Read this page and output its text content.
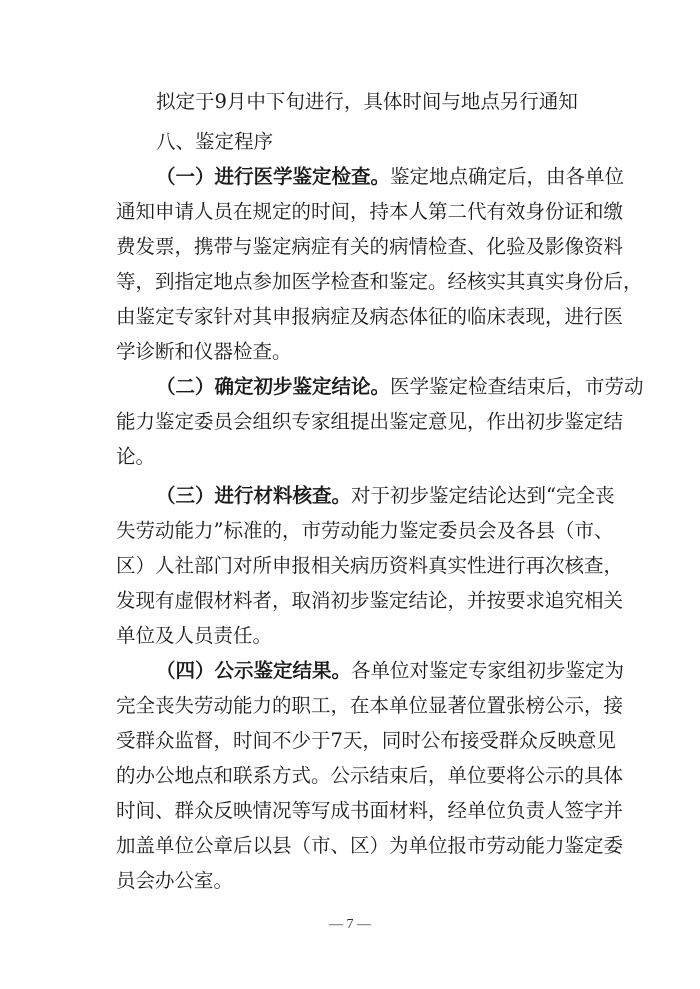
拟定于9月中下旬进行，具体时间与地点另行通知
八、鉴定程序
（一）进行医学鉴定检查。鉴定地点确定后，由各单位
通知申请人员在规定的时间，持本人第二代有效身份证和缴
费发票，携带与鉴定病症有关的病情检查、化验及影像资料
等，到指定地点参加医学检查和鉴定。经核实其真实身份后，
由鉴定专家针对其申报病症及病态体征的临床表现，进行医
学诊断和仪器检查。
（二）确定初步鉴定结论。医学鉴定检查结束后，市劳动
能力鉴定委员会组织专家组提出鉴定意见，作出初步鉴定结
论。
（三）进行材料核查。对于初步鉴定结论达到“完全丧
失劳动能力”标准的，市劳动能力鉴定委员会及各县（市、
区）人社部门对所申报相关病历资料真实性进行再次核查，
发现有虚假材料者，取消初步鉴定结论，并按要求追究相关
单位及人员责任。
（四）公示鉴定结果。各单位对鉴定专家组初步鉴定为
完全丧失劳动能力的职工，在本单位显著位置张榜公示，接
受群众监督，时间不少于7天，同时公布接受群众反映意见
的办公地点和联系方式。公示结束后，单位要将公示的具体
时间、群众反映情况等写成书面材料，经单位负责人签字并
加盖单位公章后以县（市、区）为单位报市劳动能力鉴定委
员会办公室。
— 7 —
